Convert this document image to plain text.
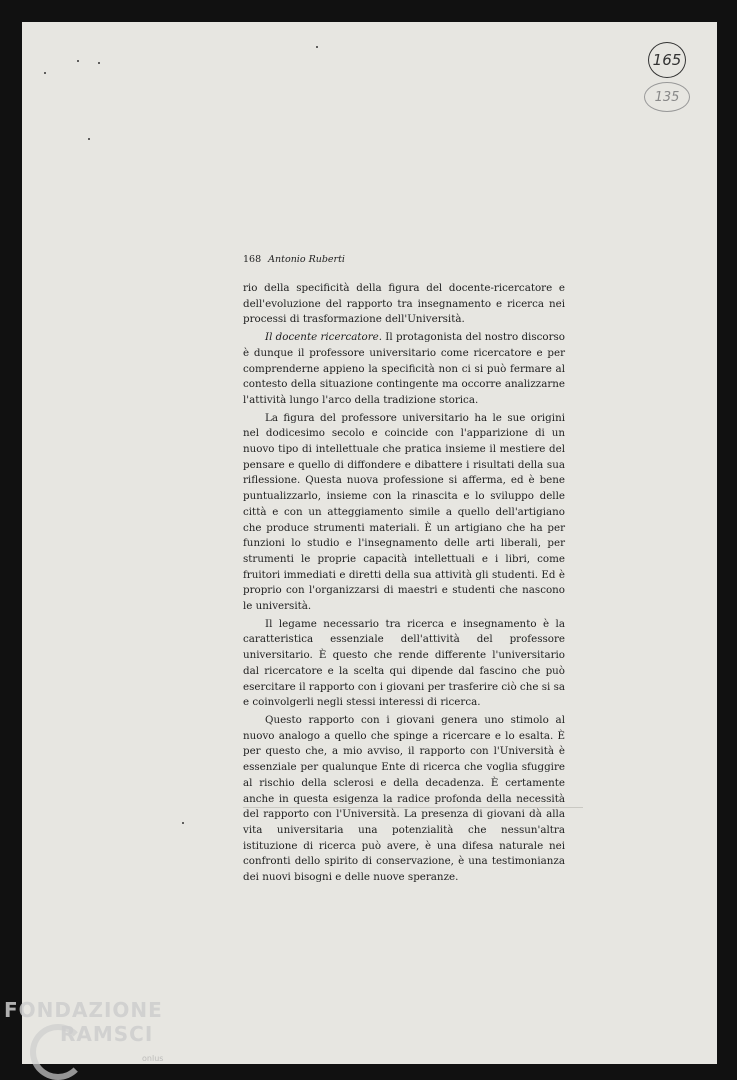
165
135
168 Antonio Ruberti

rio della specificità della figura del docente-ricercatore e dell'evoluzione del rapporto tra insegnamento e ricerca nei processi di trasformazione dell'Università.

Il docente ricercatore. Il protagonista del nostro discorso è dunque il professore universitario come ricercatore e per comprenderne appieno la specificità non ci si può fermare al contesto della situazione contingente ma occorre analizzarne l'attività lungo l'arco della tradizione storica.

La figura del professore universitario ha le sue origini nel dodicesimo secolo e coincide con l'apparizione di un nuovo tipo di intellettuale che pratica insieme il mestiere del pensare e quello di diffondere e dibattere i risultati della sua riflessione. Questa nuova professione si afferma, ed è bene puntualizzarlo, insieme con la rinascita e lo sviluppo delle città e con un atteggiamento simile a quello dell'artigiano che produce strumenti materiali. È un artigiano che ha per funzioni lo studio e l'insegnamento delle arti liberali, per strumenti le proprie capacità intellettuali e i libri, come fruitori immediati e diretti della sua attività gli studenti. Ed è proprio con l'organizzarsi di maestri e studenti che nascono le università.

Il legame necessario tra ricerca e insegnamento è la caratteristica essenziale dell'attività del professore universitario. È questo che rende differente l'universitario dal ricercatore e la scelta qui dipende dal fascino che può esercitare il rapporto con i giovani per trasferire ciò che si sa e coinvolgerli negli stessi interessi di ricerca.

Questo rapporto con i giovani genera uno stimolo al nuovo analogo a quello che spinge a ricercare e lo esalta. È per questo che, a mio avviso, il rapporto con l'Università è essenziale per qualunque Ente di ricerca che voglia sfuggire al rischio della sclerosi e della decadenza. È certamente anche in questa esigenza la radice profonda della necessità del rapporto con l'Università. La presenza di giovani dà alla vita universitaria una potenzialità che nessun'altra istituzione di ricerca può avere, è una difesa naturale nei confronti dello spirito di conservazione, è una testimonianza dei nuovi bisogni e delle nuove speranze.

FONDAZIONE
RAMSCI
onlus
